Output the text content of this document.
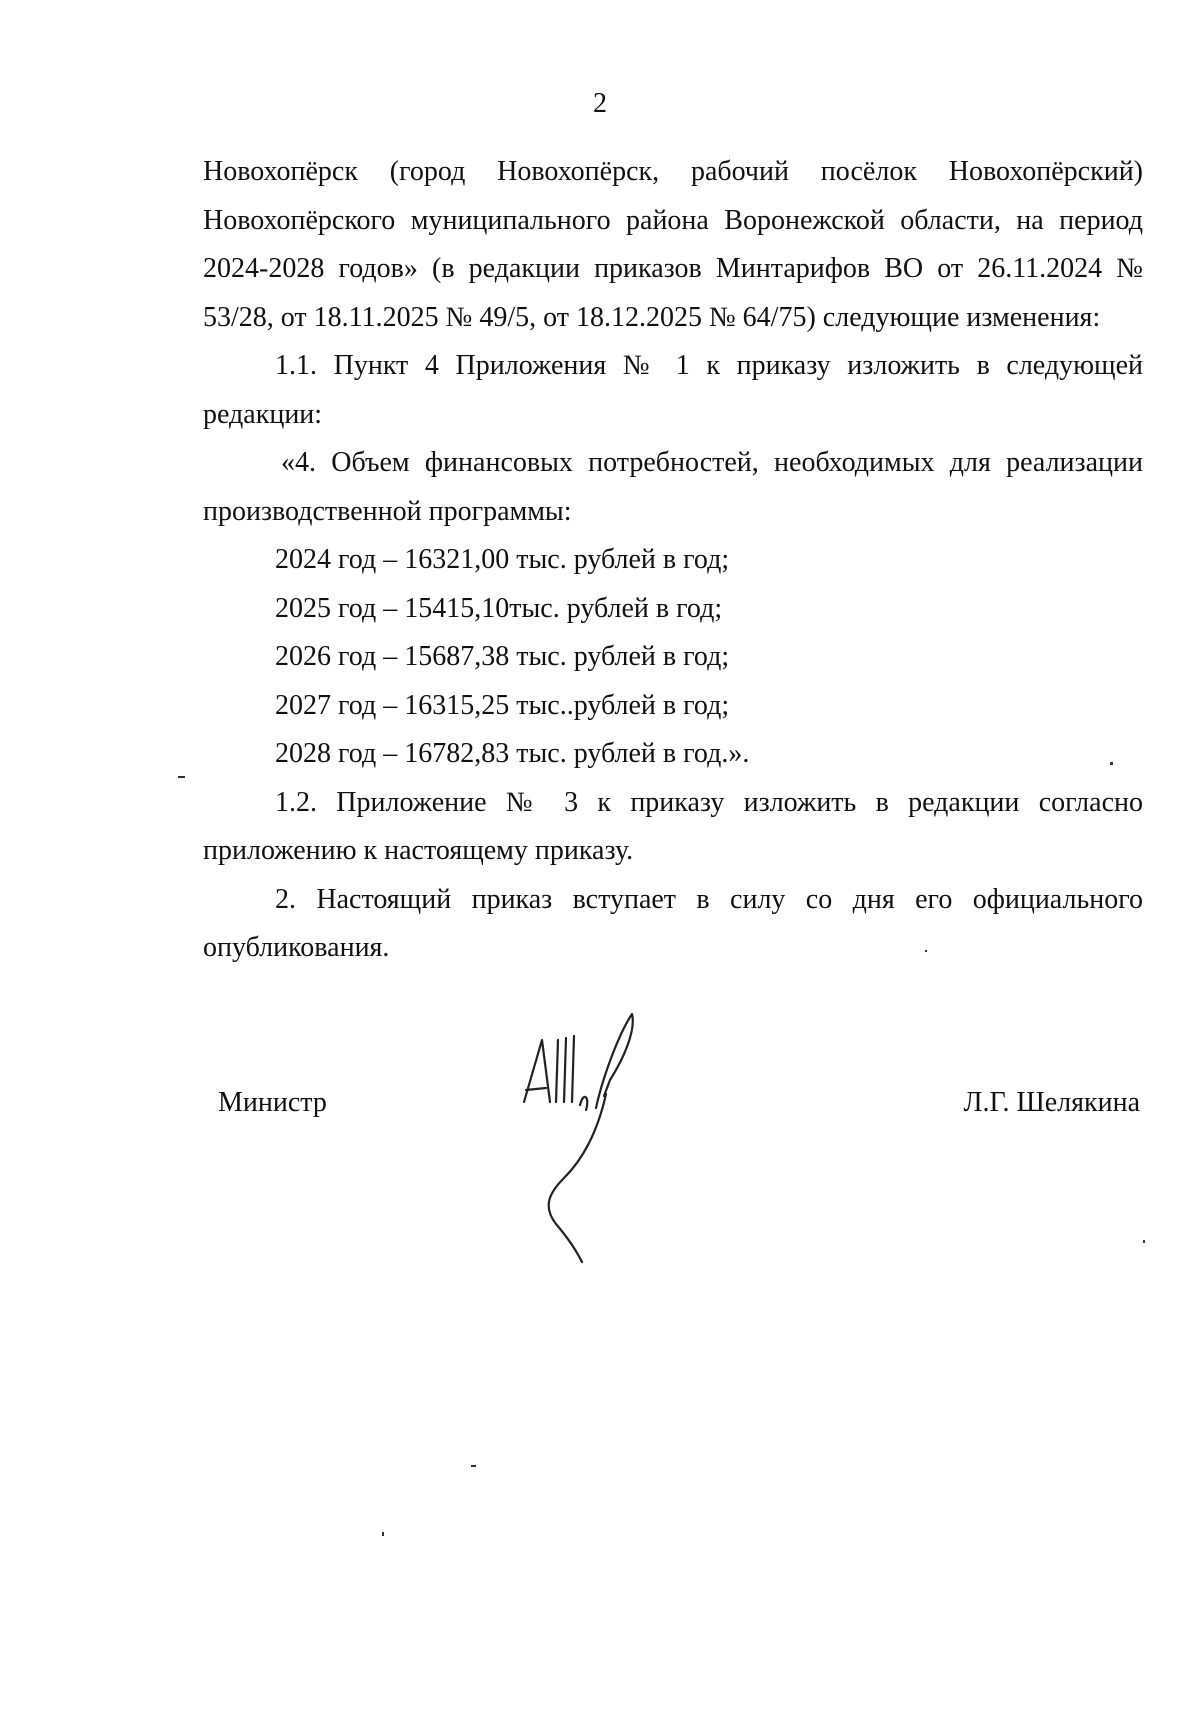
2

Новохопёрск (город Новохопёрск, рабочий посёлок Новохопёрский) Новохопёрского муниципального района Воронежской области, на период 2024-2028 годов» (в редакции приказов Минтарифов ВО от 26.11.2024 № 53/28, от 18.11.2025 № 49/5, от 18.12.2025 № 64/75) следующие изменения:

1.1. Пункт 4 Приложения № 1 к приказу изложить в следующей редакции:

«4. Объем финансовых потребностей, необходимых для реализации производственной программы:

2024 год – 16321,00 тыс. рублей в год;

2025 год – 15415,10тыс. рублей в год;

2026 год – 15687,38 тыс. рублей в год;

2027 год – 16315,25 тыс..рублей в год;

2028 год – 16782,83 тыс. рублей в год.».

1.2. Приложение № 3 к приказу изложить в редакции согласно приложению к настоящему приказу.

2. Настоящий приказ вступает в силу со дня его официального опубликования.

Министр	Л.Г. Шелякина
